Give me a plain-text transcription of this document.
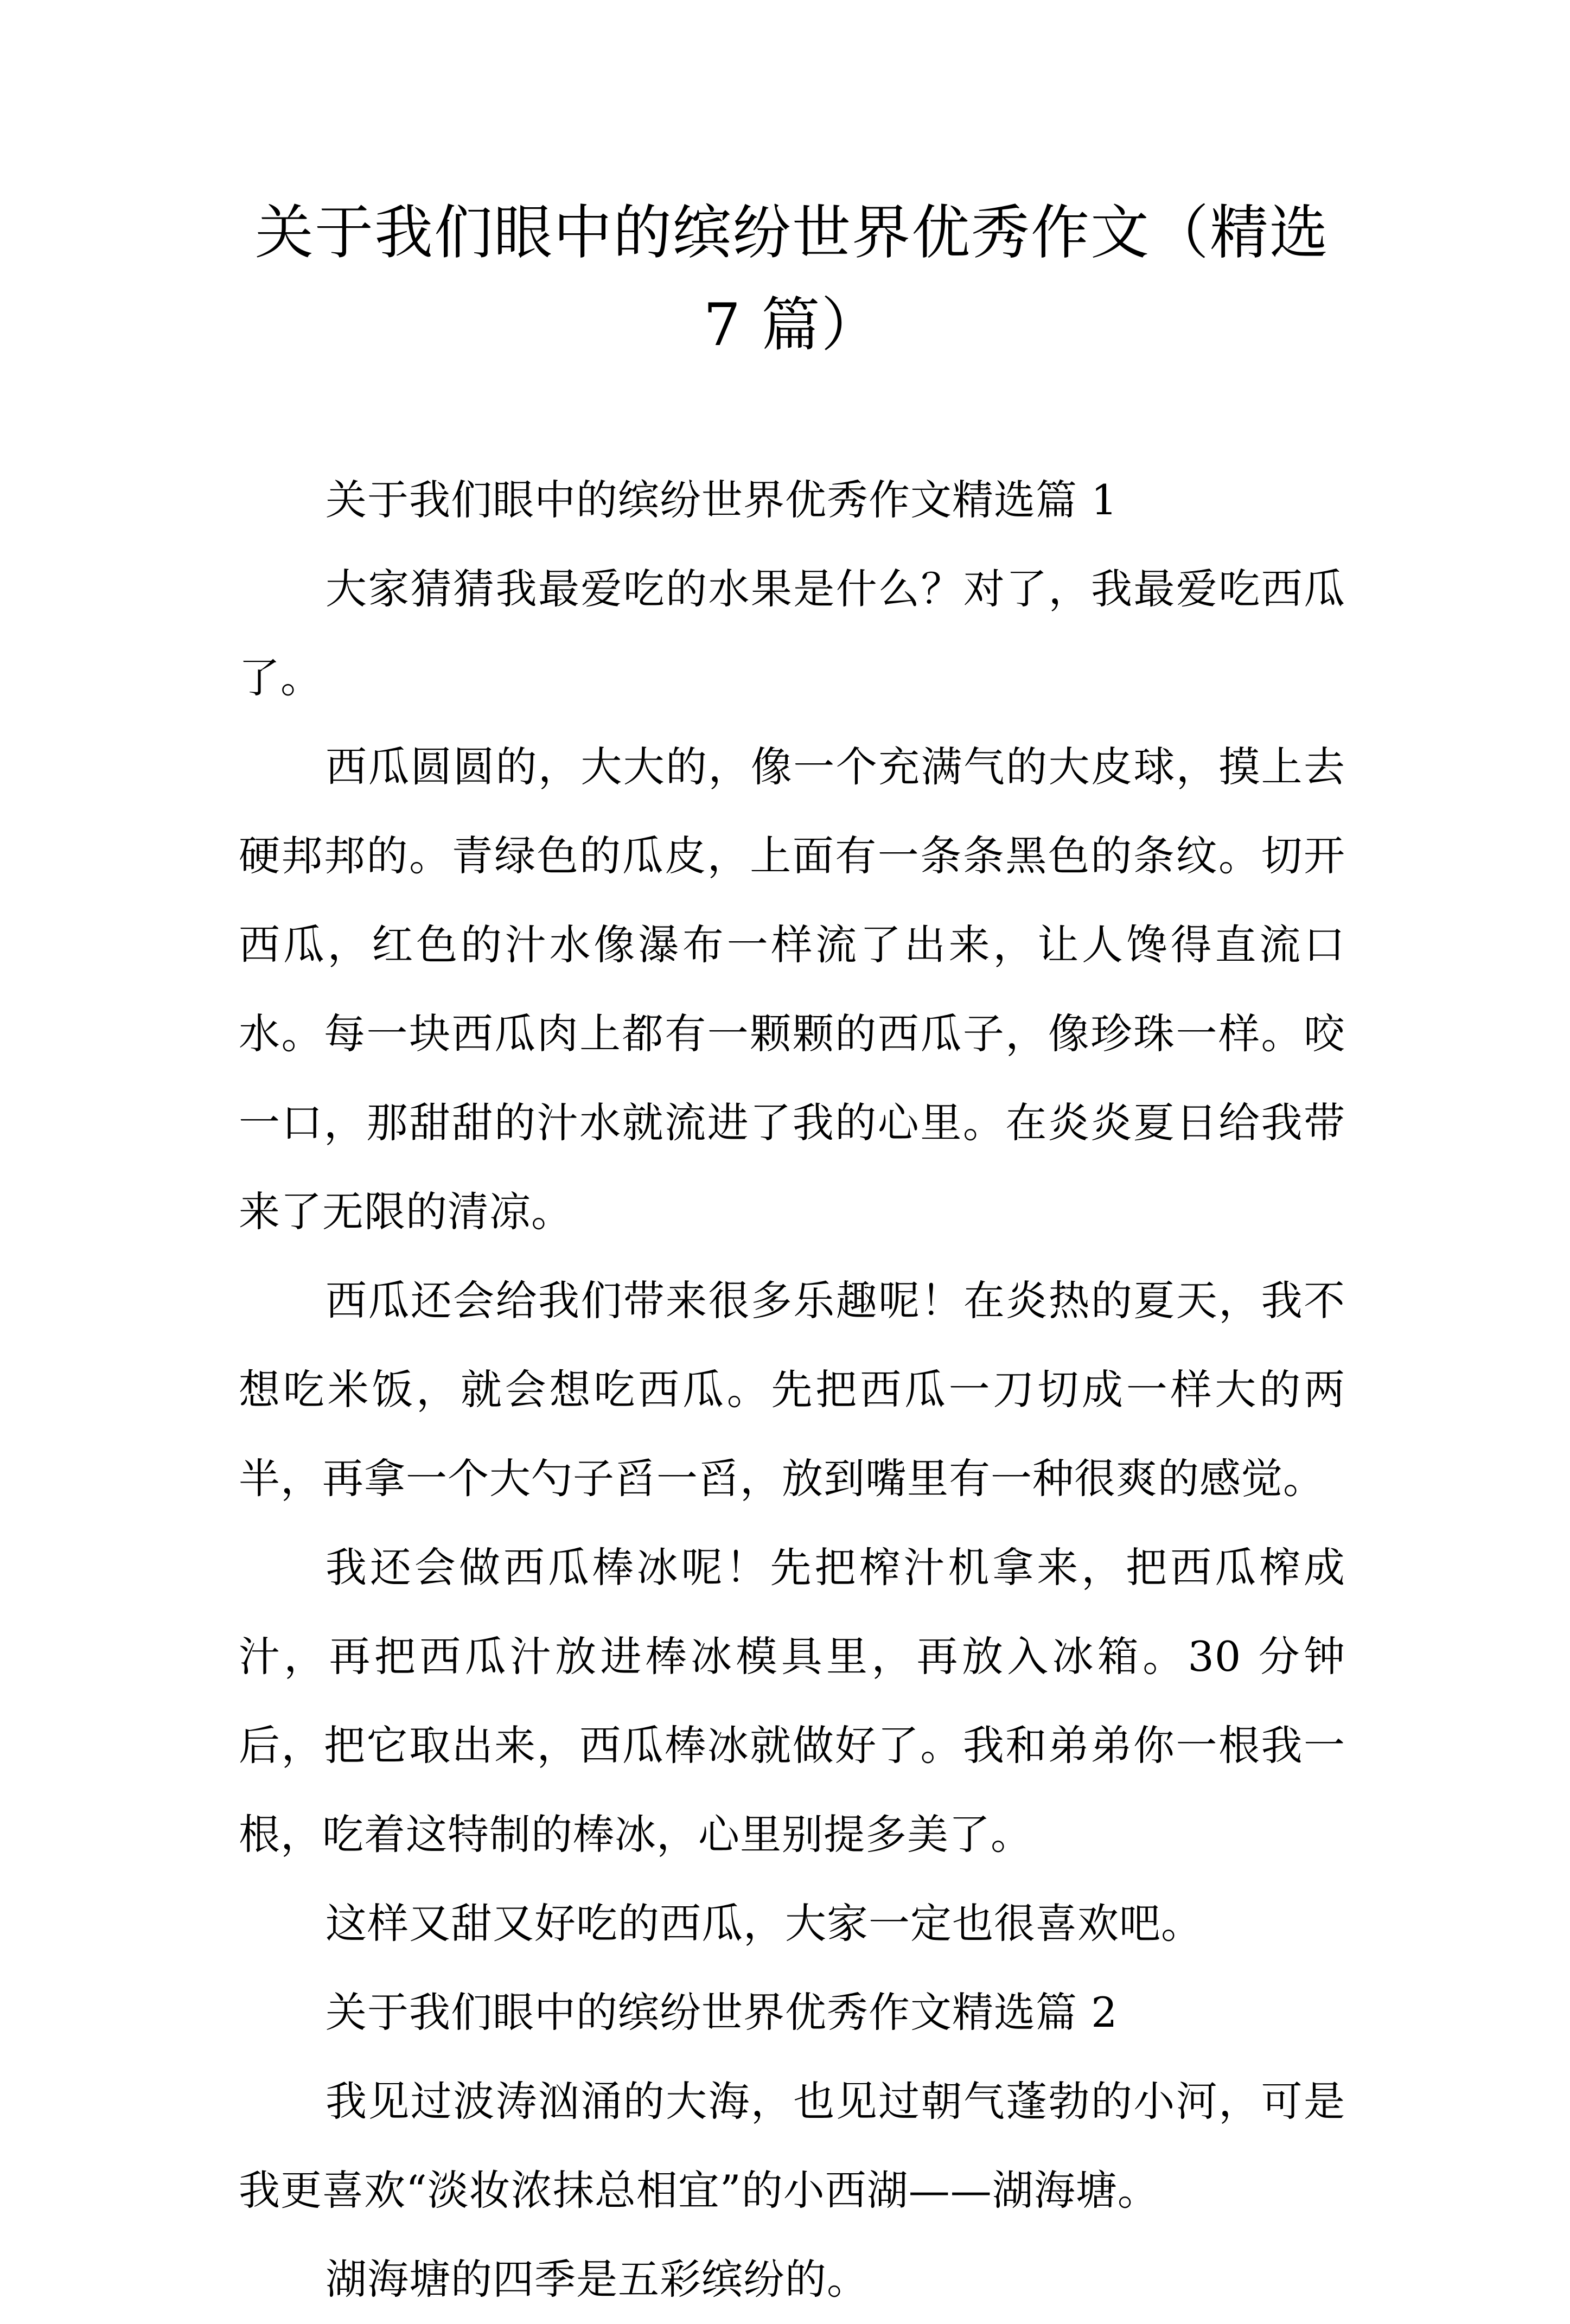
关于我们眼中的缤纷世界优秀作文（精选 7 篇）

关于我们眼中的缤纷世界优秀作文精选篇 1

大家猜猜我最爱吃的水果是什么？对了，我最爱吃西瓜了。

西瓜圆圆的，大大的，像一个充满气的大皮球，摸上去硬邦邦的。青绿色的瓜皮，上面有一条条黑色的条纹。切开西瓜，红色的汁水像瀑布一样流了出来，让人馋得直流口水。每一块西瓜肉上都有一颗颗的西瓜子，像珍珠一样。咬一口，那甜甜的汁水就流进了我的心里。在炎炎夏日给我带来了无限的清凉。

西瓜还会给我们带来很多乐趣呢！在炎热的夏天，我不想吃米饭，就会想吃西瓜。先把西瓜一刀切成一样大的两半，再拿一个大勺子舀一舀，放到嘴里有一种很爽的感觉。

我还会做西瓜棒冰呢！先把榨汁机拿来，把西瓜榨成汁，再把西瓜汁放进棒冰模具里，再放入冰箱。30 分钟后，把它取出来，西瓜棒冰就做好了。我和弟弟你一根我一根，吃着这特制的棒冰，心里别提多美了。

这样又甜又好吃的西瓜，大家一定也很喜欢吧。

关于我们眼中的缤纷世界优秀作文精选篇 2

我见过波涛汹涌的大海，也见过朝气蓬勃的小河，可是我更喜欢“淡妆浓抹总相宜”的小西湖——湖海塘。

湖海塘的四季是五彩缤纷的。
